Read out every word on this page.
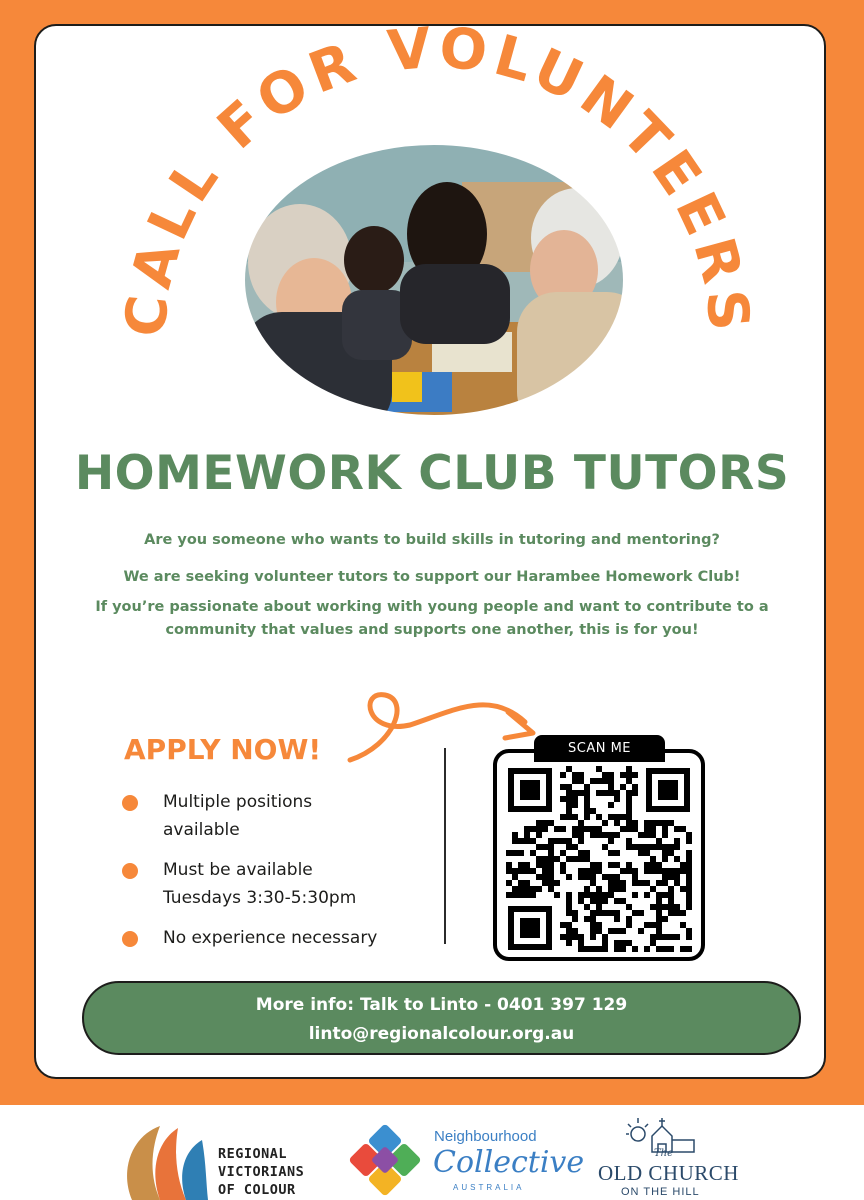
CALL FOR VOLUNTEERS
HOMEWORK CLUB TUTORS
Are you someone who wants to build skills in tutoring and mentoring?
We are seeking volunteer tutors to support our Harambee Homework Club!
If you’re passionate about working with young people and want to contribute to a
community that values and supports one another, this is for you!
APPLY NOW!
Multiple positions
available
Must be available
Tuesdays 3:30-5:30pm
No experience necessary
SCAN ME
More info: Talk to Linto - 0401 397 129
linto@regionalcolour.org.au
REGIONAL
VICTORIANS
OF COLOUR
Neighbourhood
Collective
AUSTRALIA
The
OLD CHURCH
ON THE HILL
